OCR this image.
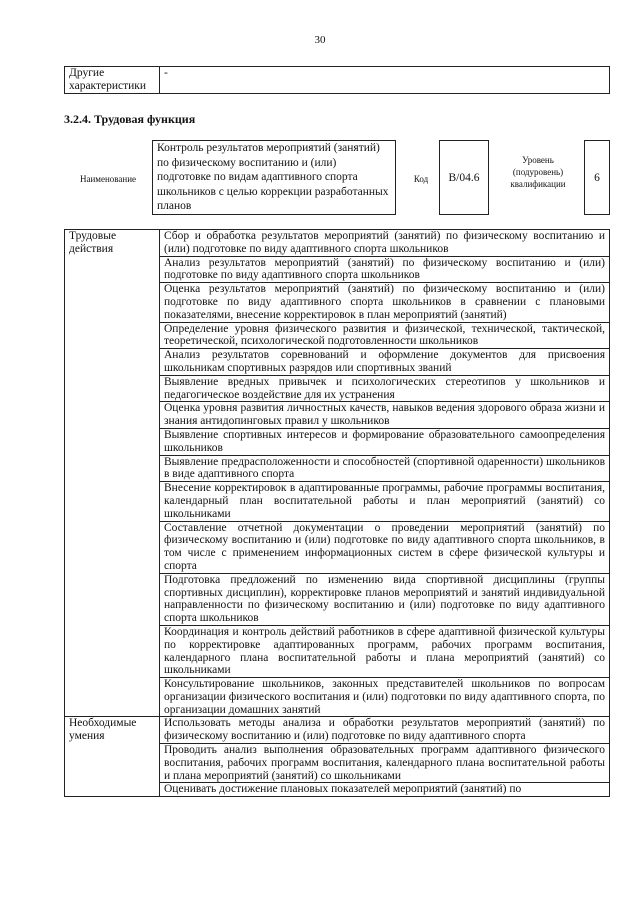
30
Другие характеристики	-
3.2.4. Трудовая функция
Наименование
Контроль результатов мероприятий (занятий) по физическому воспитанию и (или) подготовке по видам адаптивного спорта школьников с целью коррекции разработанных планов
Код	B/04.6
Уровень
(подуровень)
квалификации
6
Трудовые действия	Сбор и обработка результатов мероприятий (занятий) по физическому воспитанию и (или) подготовке по виду адаптивного спорта школьников
	Анализ результатов мероприятий (занятий) по физическому воспитанию и (или) подготовке по виду адаптивного спорта школьников
	Оценка результатов мероприятий (занятий) по физическому воспитанию и (или) подготовке по виду адаптивного спорта школьников в сравнении с плановыми показателями, внесение корректировок в план мероприятий (занятий)
	Определение уровня физического развития и физической, технической, тактической, теоретической, психологической подготовленности школьников
	Анализ результатов соревнований и оформление документов для присвоения школьникам спортивных разрядов или спортивных званий
	Выявление вредных привычек и психологических стереотипов у школьников и педагогическое воздействие для их устранения
	Оценка уровня развития личностных качеств, навыков ведения здорового образа жизни и знания антидопинговых правил у школьников
	Выявление спортивных интересов и формирование образовательного самоопределения школьников
	Выявление предрасположенности и способностей (спортивной одаренности) школьников в виде адаптивного спорта
	Внесение корректировок в адаптированные программы, рабочие программы воспитания, календарный план воспитательной работы и план мероприятий (занятий) со школьниками
	Составление отчетной документации о проведении мероприятий (занятий) по физическому воспитанию и (или) подготовке по виду адаптивного спорта школьников, в том числе с применением информационных систем в сфере физической культуры и спорта
	Подготовка предложений по изменению вида спортивной дисциплины (группы спортивных дисциплин), корректировке планов мероприятий и занятий индивидуальной направленности по физическому воспитанию и (или) подготовке по виду адаптивного спорта школьников
	Координация и контроль действий работников в сфере адаптивной физической культуры по корректировке адаптированных программ, рабочих программ воспитания, календарного плана воспитательной работы и плана мероприятий (занятий) со школьниками
	Консультирование школьников, законных представителей школьников по вопросам организации физического воспитания и (или) подготовки по виду адаптивного спорта, по организации домашних занятий
Необходимые умения	Использовать методы анализа и обработки результатов мероприятий (занятий) по физическому воспитанию и (или) подготовке по виду адаптивного спорта
	Проводить анализ выполнения образовательных программ адаптивного физического воспитания, рабочих программ воспитания, календарного плана воспитательной работы и плана мероприятий (занятий) со школьниками
	Оценивать достижение плановых показателей мероприятий (занятий) по
